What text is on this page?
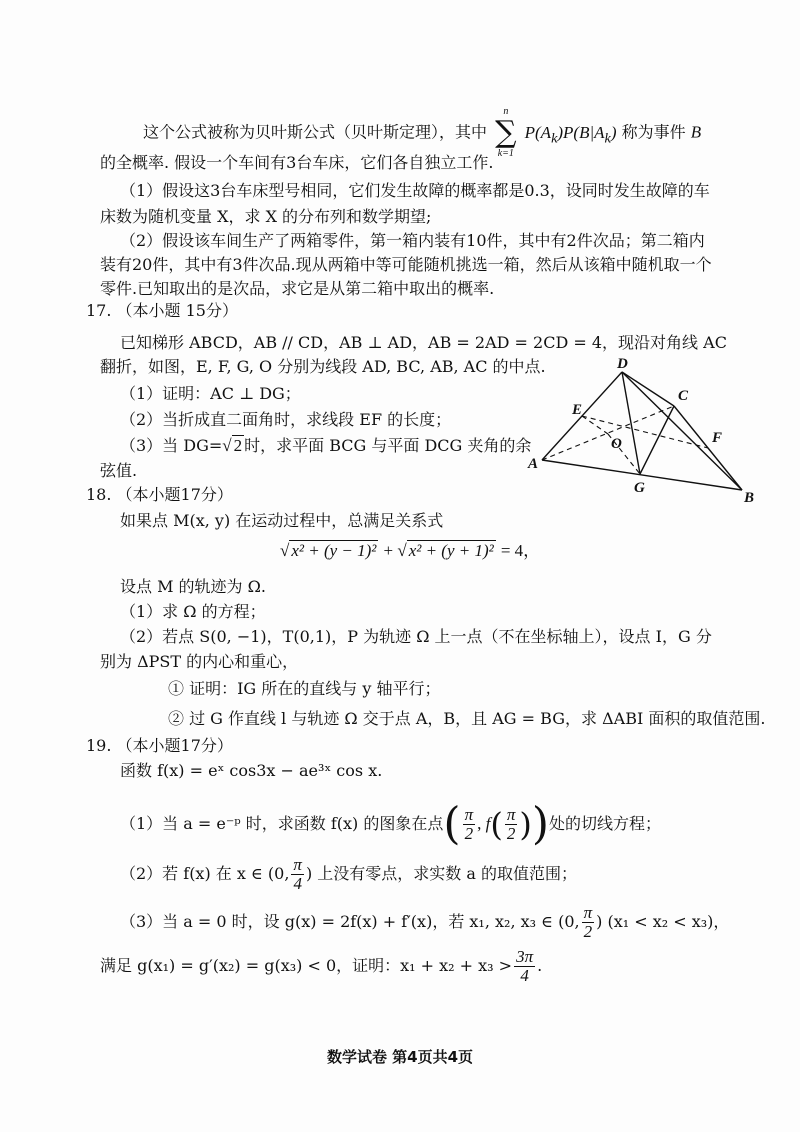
这个公式被称为贝叶斯公式（贝叶斯定理），其中
n
∑
k=1
$P(A_k)P(B|A_k)$ 称为事件 B
的全概率. 假设一个车间有3台车床，它们各自独立工作.
（1）假设这3台车床型号相同，它们发生故障的概率都是0.3，设同时发生故障的车
床数为随机变量 X，求 X 的分布列和数学期望;
（2）假设该车间生产了两箱零件，第一箱内装有10件，其中有2件次品；第二箱内
装有20件，其中有3件次品.现从两箱中等可能随机挑选一箱，然后从该箱中随机取一个
零件.已知取出的是次品，求它是从第二箱中取出的概率.
17. （本小题 15分）
已知梯形 ABCD，AB // CD，AB ⊥ AD，AB = 2AD = 2CD = 4，现沿对角线 AC
翻折，如图，E, F, G, O 分别为线段 AD, BC, AB, AC 的中点.
（1）证明：AC ⊥ DG；
（2）当折成直二面角时，求线段 EF 的长度；
（3）当 DG=√ 2 时，求平面 BCG 与平面 DCG 夹角的余
弦值.
D
C
E
O	F
A
G
B
18. （本小题17分）
如果点 M(x, y) 在运动过程中，总满足关系式
√ x² + (y − 1)² + √ x² + (y + 1)² = 4，
设点 M 的轨迹为 Ω.
（1）求 Ω 的方程；
（2）若点 S(0, −1)，T(0,1)，P 为轨迹 Ω 上一点（不在坐标轴上），设点 I，G 分
别为 ΔPST 的内心和重心，
① 证明：IG 所在的直线与 y 轴平行；
② 过 G 作直线 l 与轨迹 Ω 交于点 A，B，且 AG = BG，求 ΔABI 面积的取值范围.
19. （本小题17分）
函数 f(x) = eˣ cos3x − ae³ˣ cos x.
（1）当 a = e⁻ᵖ 时，求函数 f(x) 的图象在点( $\frac{\pi}{2}$ , $f( \frac{\pi}{2}$ ))处的切线方程；
（2）若 f(x) 在 x ∈ (0, $\frac{\pi}{4}$ ) 上没有零点，求实数 a 的取值范围；
（3）当 a = 0 时，设 g(x) = 2f(x) + f′(x)，若 x₁, x₂, x₃ ∈ (0, $\frac{\pi}{2}$ ) (x₁ < x₂ < x₃)，
满足 g(x₁) = g′(x₂) = g(x₃) < 0，证明：$x_1 + x_2 + x_3 > \frac{3\pi}{4}$ .
数学试卷 第4页共4页
